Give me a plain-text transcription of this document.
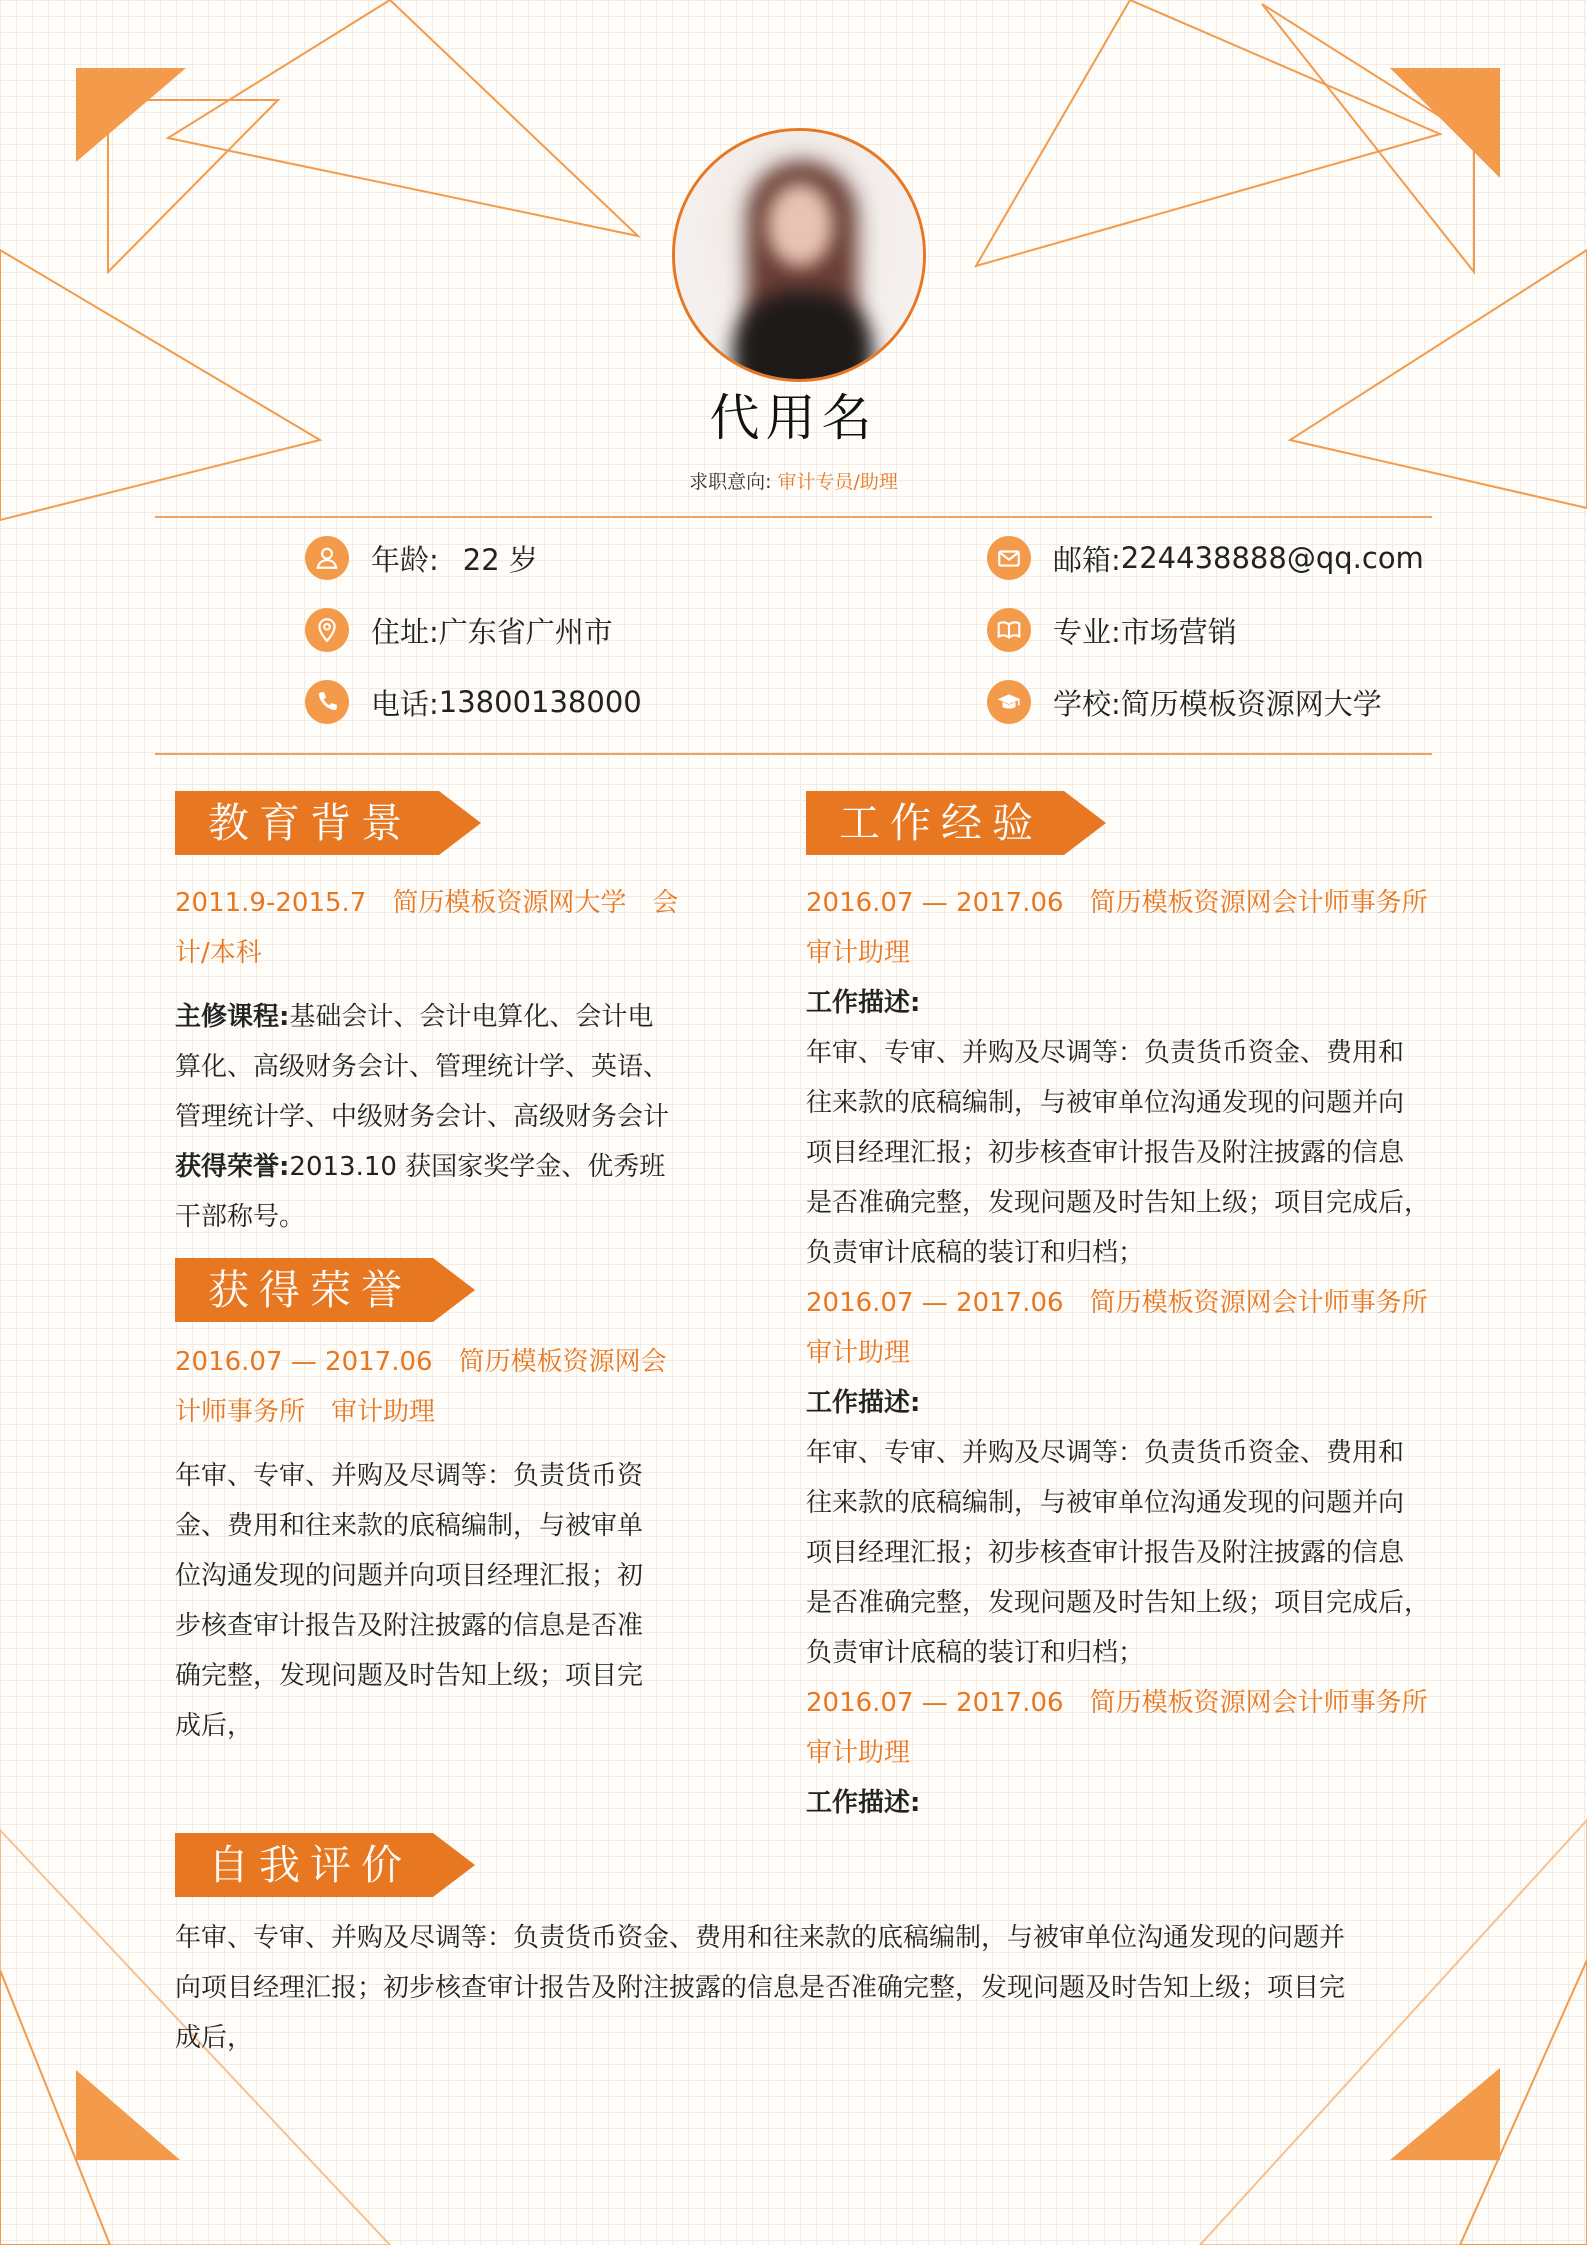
代用名
求职意向: 审计专员/助理
年龄: 22 岁
住址: 广东省广州市
电话: 13800138000
邮箱: 224438888@qq.com
专业: 市场营销
学校: 简历模板资源网大学
教育背景
2011.9-2015.7　简历模板资源网大学　会
计/本科
主修课程:基础会计、会计电算化、会计电
算化、高级财务会计、管理统计学、英语、
管理统计学、中级财务会计、高级财务会计
获得荣誉:2013.10 获国家奖学金、优秀班
干部称号。
获得荣誉
2016.07 — 2017.06　简历模板资源网会
计师事务所　审计助理
年审、专审、并购及尽调等：负责货币资
金、费用和往来款的底稿编制，与被审单
位沟通发现的问题并向项目经理汇报；初
步核查审计报告及附注披露的信息是否准
确完整，发现问题及时告知上级；项目完
成后，
工作经验
2016.07 — 2017.06　简历模板资源网会计师事务所
审计助理
工作描述:
年审、专审、并购及尽调等：负责货币资金、费用和
往来款的底稿编制，与被审单位沟通发现的问题并向
项目经理汇报；初步核查审计报告及附注披露的信息
是否准确完整，发现问题及时告知上级；项目完成后，
负责审计底稿的装订和归档；
2016.07 — 2017.06　简历模板资源网会计师事务所
审计助理
工作描述:
年审、专审、并购及尽调等：负责货币资金、费用和
往来款的底稿编制，与被审单位沟通发现的问题并向
项目经理汇报；初步核查审计报告及附注披露的信息
是否准确完整，发现问题及时告知上级；项目完成后，
负责审计底稿的装订和归档；
2016.07 — 2017.06　简历模板资源网会计师事务所
审计助理
工作描述:
自我评价
年审、专审、并购及尽调等：负责货币资金、费用和往来款的底稿编制，与被审单位沟通发现的问题并
向项目经理汇报；初步核查审计报告及附注披露的信息是否准确完整，发现问题及时告知上级；项目完
成后，
